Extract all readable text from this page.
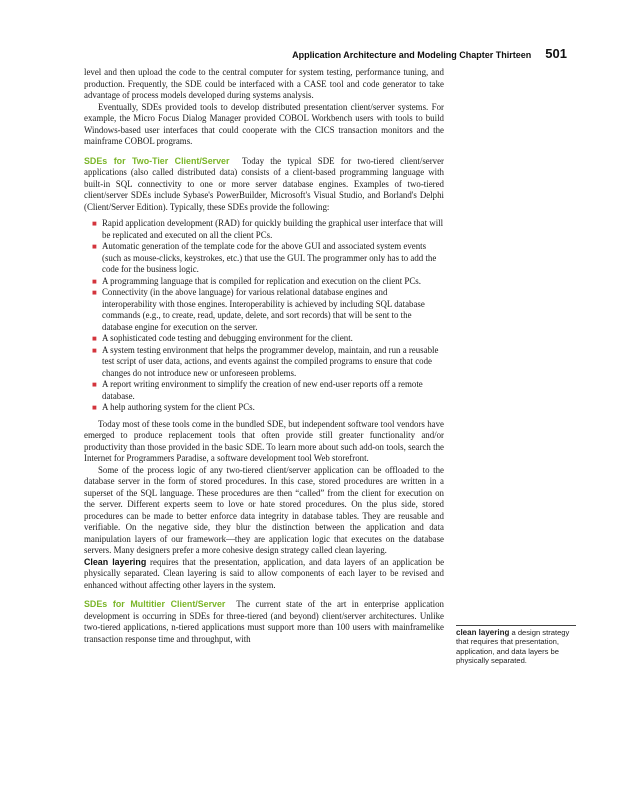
Application Architecture and Modeling Chapter Thirteen 501

level and then upload the code to the central computer for system testing, performance tuning, and production. Frequently, the SDE could be interfaced with a CASE tool and code generator to take advantage of process models developed during systems analysis.

Eventually, SDEs provided tools to develop distributed presentation client/server systems. For example, the Micro Focus Dialog Manager provided COBOL Workbench users with tools to build Windows-based user interfaces that could cooperate with the CICS transaction monitors and the mainframe COBOL programs.

SDEs for Two-Tier Client/Server Today the typical SDE for two-tiered client/server applications (also called distributed data) consists of a client-based programming language with built-in SQL connectivity to one or more server database engines. Examples of two-tiered client/server SDEs include Sybase's PowerBuilder, Microsoft's Visual Studio, and Borland's Delphi (Client/Server Edition). Typically, these SDEs provide the following:

■ Rapid application development (RAD) for quickly building the graphical user interface that will be replicated and executed on all the client PCs.
■ Automatic generation of the template code for the above GUI and associated system events (such as mouse-clicks, keystrokes, etc.) that use the GUI. The programmer only has to add the code for the business logic.
■ A programming language that is compiled for replication and execution on the client PCs.
■ Connectivity (in the above language) for various relational database engines and interoperability with those engines. Interoperability is achieved by including SQL database commands (e.g., to create, read, update, delete, and sort records) that will be sent to the database engine for execution on the server.
■ A sophisticated code testing and debugging environment for the client.
■ A system testing environment that helps the programmer develop, maintain, and run a reusable test script of user data, actions, and events against the compiled programs to ensure that code changes do not introduce new or unforeseen problems.
■ A report writing environment to simplify the creation of new end-user reports off a remote database.
■ A help authoring system for the client PCs.

Today most of these tools come in the bundled SDE, but independent software tool vendors have emerged to produce replacement tools that often provide still greater functionality and/or productivity than those provided in the basic SDE. To learn more about such add-on tools, search the Internet for Programmers Paradise, a software development tool Web storefront.

Some of the process logic of any two-tiered client/server application can be offloaded to the database server in the form of stored procedures. In this case, stored procedures are written in a superset of the SQL language. These procedures are then “called” from the client for execution on the server. Different experts seem to love or hate stored procedures. On the plus side, stored procedures can be made to better enforce data integrity in database tables. They are reusable and verifiable. On the negative side, they blur the distinction between the application and data manipulation layers of our framework—they are application logic that executes on the database servers. Many designers prefer a more cohesive design strategy called clean layering.

Clean layering requires that the presentation, application, and data layers of an application be physically separated. Clean layering is said to allow components of each layer to be revised and enhanced without affecting other layers in the system.

SDEs for Multitier Client/Server The current state of the art in enterprise application development is occurring in SDEs for three-tiered (and beyond) client/server architectures. Unlike two-tiered applications, n-tiered applications must support more than 100 users with mainframelike transaction response time and throughput, with

clean layering a design strategy that requires that presentation, application, and data layers be physically separated.
